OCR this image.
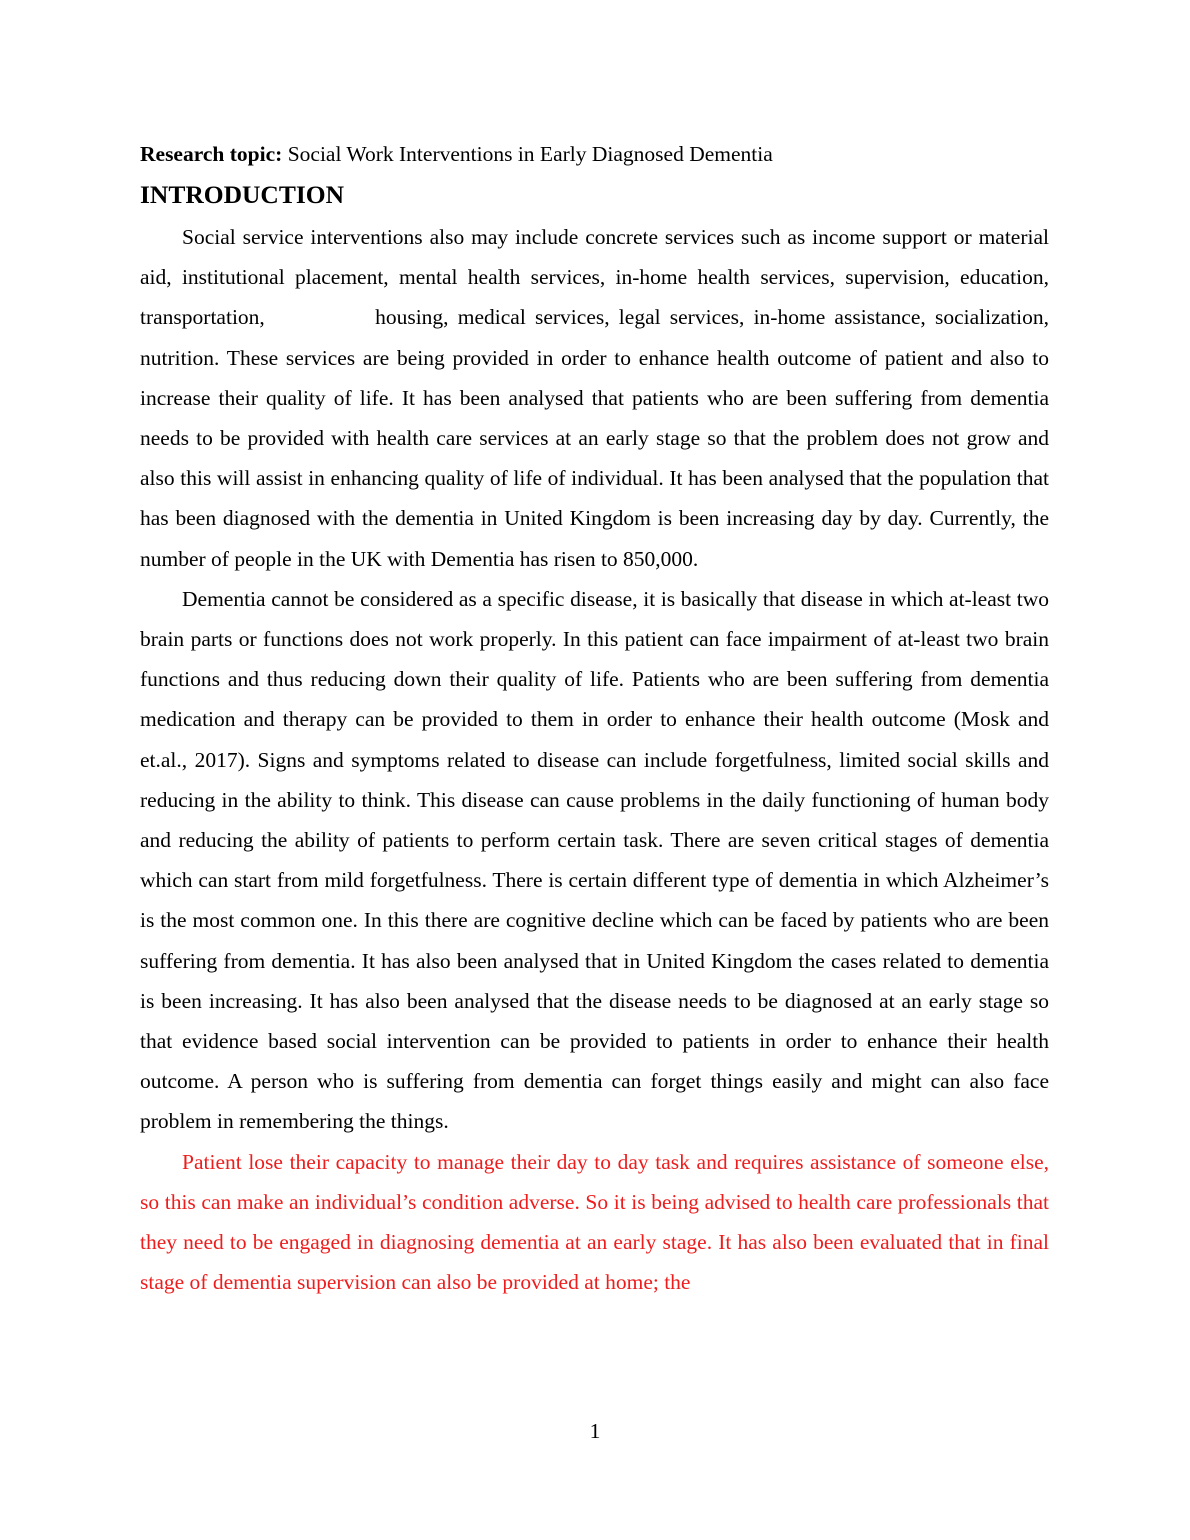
Research topic: Social Work Interventions in Early Diagnosed Dementia

INTRODUCTION

Social service interventions also may include concrete services such as income support or material aid, institutional placement, mental health services, in-home health services, supervision, education, transportation,            housing, medical services, legal services, in-home assistance, socialization, nutrition. These services are being provided in order to enhance health outcome of patient and also to increase their quality of life. It has been analysed that patients who are been suffering from dementia needs to be provided with health care services at an early stage so that the problem does not grow and also this will assist in enhancing quality of life of individual. It has been analysed that the population that has been diagnosed with the dementia in United Kingdom is been increasing day by day. Currently, the number of people in the UK with Dementia has risen to 850,000.

Dementia cannot be considered as a specific disease, it is basically that disease in which at-least two brain parts or functions does not work properly. In this patient can face impairment of at-least two brain functions and thus reducing down their quality of life. Patients who are been suffering from dementia medication and therapy can be provided to them in order to enhance their health outcome (Mosk and et.al., 2017). Signs and symptoms related to disease can include forgetfulness, limited social skills and reducing in the ability to think. This disease can cause problems in the daily functioning of human body and reducing the ability of patients to perform certain task. There are seven critical stages of dementia which can start from mild forgetfulness. There is certain different type of dementia in which Alzheimer’s is the most common one. In this there are cognitive decline which can be faced by patients who are been suffering from dementia. It has also been analysed that in United Kingdom the cases related to dementia is been increasing. It has also been analysed that the disease needs to be diagnosed at an early stage so that evidence based social intervention can be provided to patients in order to enhance their health outcome. A person who is suffering from dementia can forget things easily and might can also face problem in remembering the things.

Patient lose their capacity to manage their day to day task and requires assistance of someone else, so this can make an individual’s condition adverse. So it is being advised to health care professionals that they need to be engaged in diagnosing dementia at an early stage. It has also been evaluated that in final stage of dementia supervision can also be provided at home; the

1
